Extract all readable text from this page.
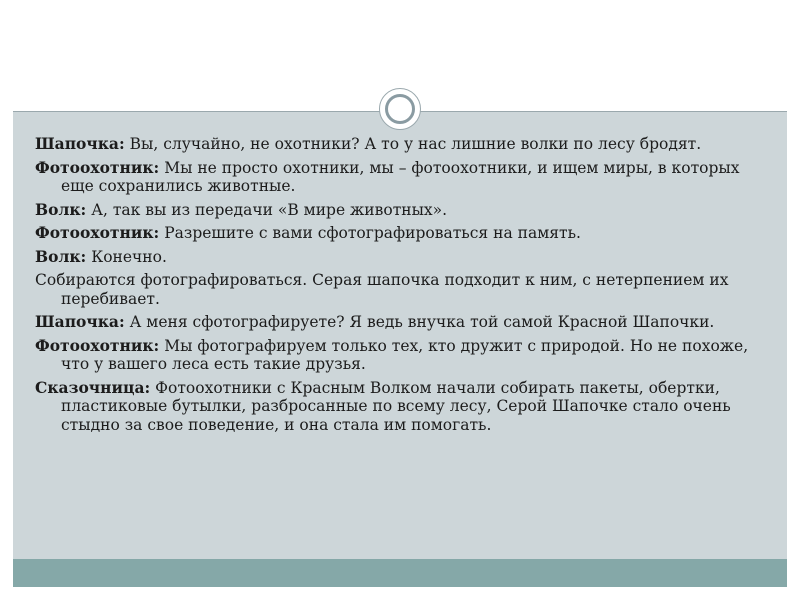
Шапочка: Вы, случайно, не охотники? А то у нас лишние волки по лесу бродят.

Фотоохотник: Мы не просто охотники, мы – фотоохотники, и ищем миры, в которых еще сохранились животные.

Волк: А, так вы из передачи «В мире животных».

Фотоохотник: Разрешите с вами сфотографироваться на память.

Волк: Конечно.

Собираются фотографироваться. Серая шапочка подходит к ним, с нетерпением их перебивает.

Шапочка: А меня сфотографируете? Я ведь внучка той самой Красной Шапочки.

Фотоохотник: Мы фотографируем только тех, кто дружит с природой. Но не похоже, что у вашего леса есть такие друзья.

Сказочница: Фотоохотники с Красным Волком начали собирать пакеты, обертки, пластиковые бутылки, разбросанные по всему лесу, Серой Шапочке стало очень стыдно за свое поведение, и она стала им помогать.
